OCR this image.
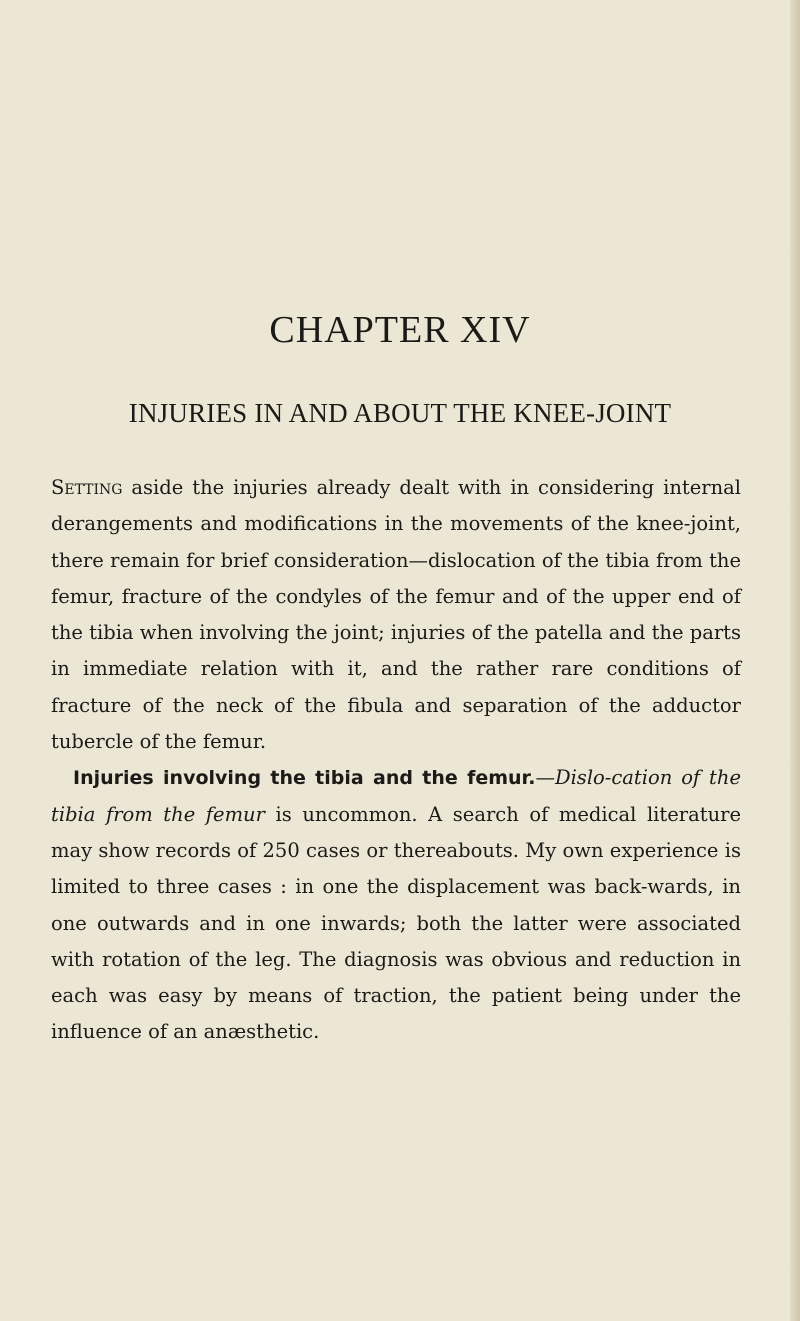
CHAPTER XIV
INJURIES IN AND ABOUT THE KNEE-JOINT

Setting aside the injuries already dealt with in considering internal derangements and modifications in the movements of the knee-joint, there remain for brief consideration—dislocation of the tibia from the femur, fracture of the condyles of the femur and of the upper end of the tibia when involving the joint; injuries of the patella and the parts in immediate relation with it, and the rather rare conditions of fracture of the neck of the fibula and separation of the adductor tubercle of the femur.

Injuries involving the tibia and the femur.—Dislo-cation of the tibia from the femur is uncommon. A search of medical literature may show records of 250 cases or thereabouts. My own experience is limited to three cases : in one the displacement was back-wards, in one outwards and in one inwards; both the latter were associated with rotation of the leg. The diagnosis was obvious and reduction in each was easy by means of traction, the patient being under the influence of an anæsthetic.
